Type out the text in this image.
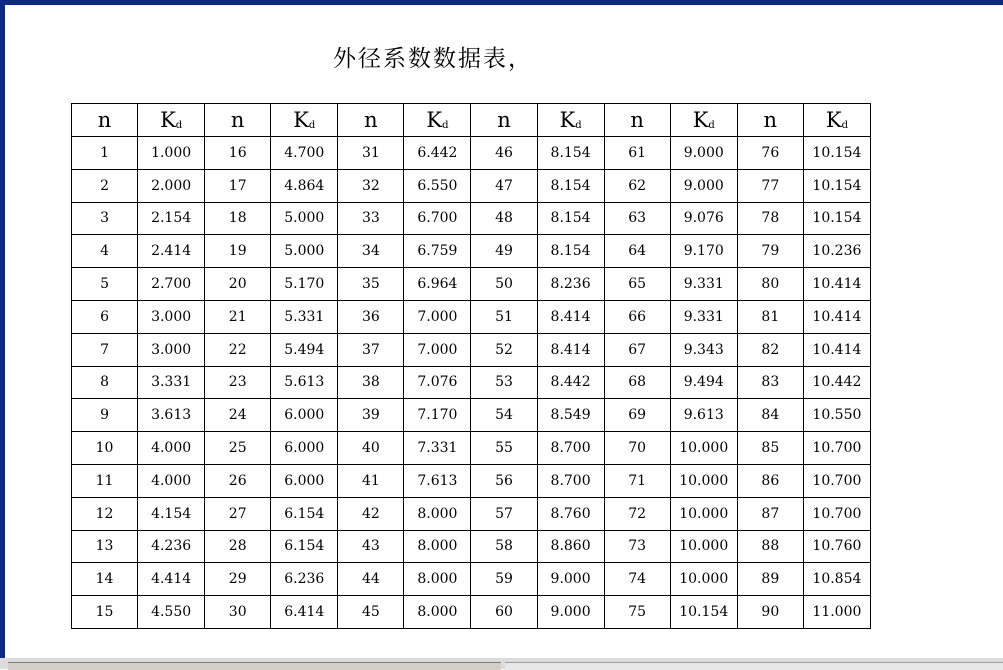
外径系数数据表，
n	$K_d$	n	$K_d$	n	$K_d$	n	$K_d$	n	$K_d$	n	$K_d$
1	1.000	16	4.700	31	6.442	46	8.154	61	9.000	76	10.154
2	2.000	17	4.864	32	6.550	47	8.154	62	9.000	77	10.154
3	2.154	18	5.000	33	6.700	48	8.154	63	9.076	78	10.154
4	2.414	19	5.000	34	6.759	49	8.154	64	9.170	79	10.236
5	2.700	20	5.170	35	6.964	50	8.236	65	9.331	80	10.414
6	3.000	21	5.331	36	7.000	51	8.414	66	9.331	81	10.414
7	3.000	22	5.494	37	7.000	52	8.414	67	9.343	82	10.414
8	3.331	23	5.613	38	7.076	53	8.442	68	9.494	83	10.442
9	3.613	24	6.000	39	7.170	54	8.549	69	9.613	84	10.550
10	4.000	25	6.000	40	7.331	55	8.700	70	10.000	85	10.700
11	4.000	26	6.000	41	7.613	56	8.700	71	10.000	86	10.700
12	4.154	27	6.154	42	8.000	57	8.760	72	10.000	87	10.700
13	4.236	28	6.154	43	8.000	58	8.860	73	10.000	88	10.760
14	4.414	29	6.236	44	8.000	59	9.000	74	10.000	89	10.854
15	4.550	30	6.414	45	8.000	60	9.000	75	10.154	90	11.000
